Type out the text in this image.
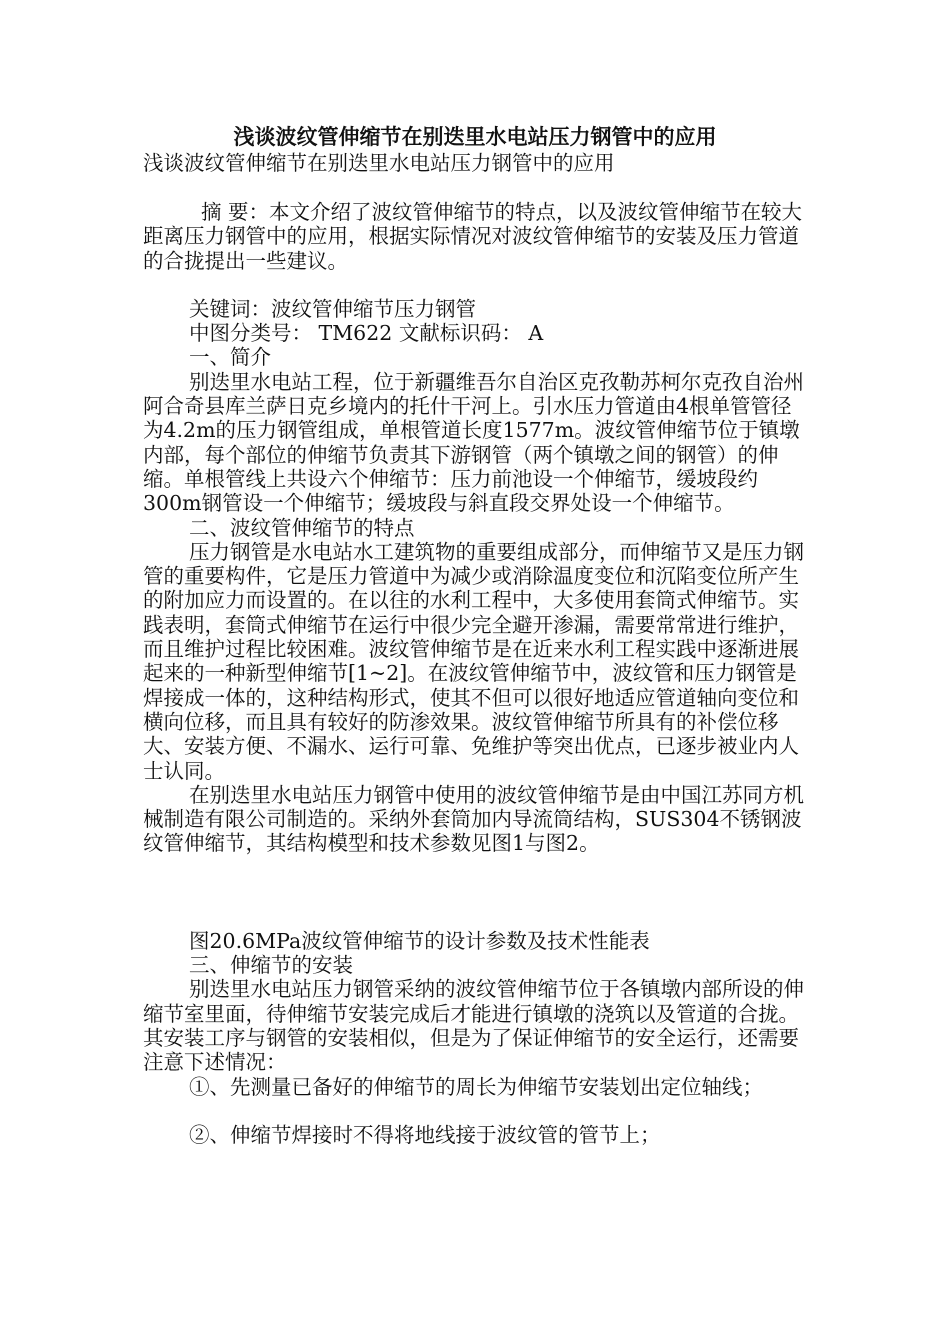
浅谈波纹管伸缩节在别迭里水电站压力钢管中的应用
浅谈波纹管伸缩节在别迭里水电站压力钢管中的应用

摘 要：本文介绍了波纹管伸缩节的特点，以及波纹管伸缩节在较大距离压力钢管中的应用，根据实际情况对波纹管伸缩节的安装及压力管道的合拢提出一些建议。

关键词：波纹管伸缩节压力钢管

中图分类号： TM622 文献标识码： A

一、简介

别迭里水电站工程，位于新疆维吾尔自治区克孜勒苏柯尔克孜自治州阿合奇县库兰萨日克乡境内的托什干河上。引水压力管道由4根单管管径为4.2m的压力钢管组成，单根管道长度1577m。波纹管伸缩节位于镇墩内部，每个部位的伸缩节负责其下游钢管（两个镇墩之间的钢管）的伸缩。单根管线上共设六个伸缩节：压力前池设一个伸缩节，缓坡段约300m钢管设一个伸缩节；缓坡段与斜直段交界处设一个伸缩节。

二、波纹管伸缩节的特点

压力钢管是水电站水工建筑物的重要组成部分，而伸缩节又是压力钢管的重要构件，它是压力管道中为减少或消除温度变位和沉陷变位所产生的附加应力而设置的。在以往的水利工程中，大多使用套筒式伸缩节。实践表明，套筒式伸缩节在运行中很少完全避开渗漏，需要常常进行维护，而且维护过程比较困难。波纹管伸缩节是在近来水利工程实践中逐渐进展起来的一种新型伸缩节[1~2]。在波纹管伸缩节中，波纹管和压力钢管是焊接成一体的，这种结构形式，使其不但可以很好地适应管道轴向变位和横向位移，而且具有较好的防渗效果。波纹管伸缩节所具有的补偿位移大、安装方便、不漏水、运行可靠、免维护等突出优点，已逐步被业内人士认同。

在别迭里水电站压力钢管中使用的波纹管伸缩节是由中国江苏同方机械制造有限公司制造的。采纳外套筒加内导流筒结构，SUS304不锈钢波纹管伸缩节，其结构模型和技术参数见图1与图2。

图20.6MPa波纹管伸缩节的设计参数及技术性能表

三、伸缩节的安装

别迭里水电站压力钢管采纳的波纹管伸缩节位于各镇墩内部所设的伸缩节室里面，待伸缩节安装完成后才能进行镇墩的浇筑以及管道的合拢。其安装工序与钢管的安装相似，但是为了保证伸缩节的安全运行，还需要注意下述情况：

①、先测量已备好的伸缩节的周长为伸缩节安装划出定位轴线；

②、伸缩节焊接时不得将地线接于波纹管的管节上；
